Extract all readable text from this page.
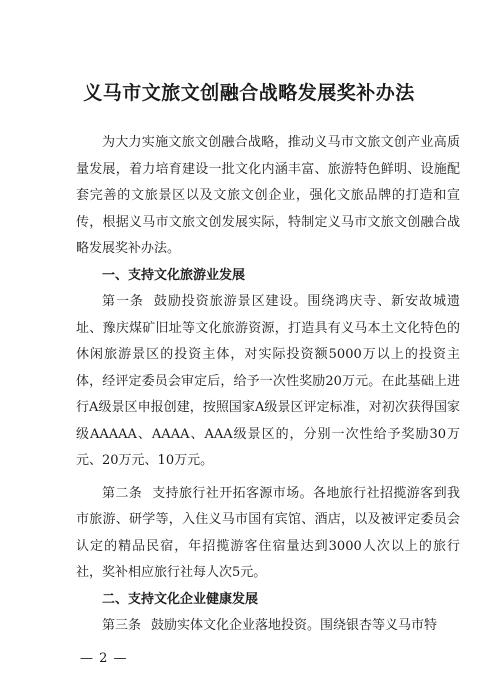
义马市文旅文创融合战略发展奖补办法

为大力实施文旅文创融合战略，推动义马市文旅文创产业高质量发展，着力培育建设一批文化内涵丰富、旅游特色鲜明、设施配套完善的文旅景区以及文旅文创企业，强化文旅品牌的打造和宣传，根据义马市文旅文创发展实际，特制定义马市文旅文创融合战略发展奖补办法。

一、支持文化旅游业发展

第一条 鼓励投资旅游景区建设。围绕鸿庆寺、新安故城遗址、豫庆煤矿旧址等文化旅游资源，打造具有义马本土文化特色的休闲旅游景区的投资主体，对实际投资额5000万以上的投资主体，经评定委员会审定后，给予一次性奖励20万元。在此基础上进行A级景区申报创建，按照国家A级景区评定标准，对初次获得国家级AAAAA、AAAA、AAA级景区的，分别一次性给予奖励30万元、20万元、10万元。

第二条 支持旅行社开拓客源市场。各地旅行社招揽游客到我市旅游、研学等，入住义马市国有宾馆、酒店，以及被评定委员会认定的精品民宿，年招揽游客住宿量达到3000人次以上的旅行社，奖补相应旅行社每人次5元。

二、支持文化企业健康发展

第三条 鼓励实体文化企业落地投资。围绕银杏等义马市特

— 2 —
